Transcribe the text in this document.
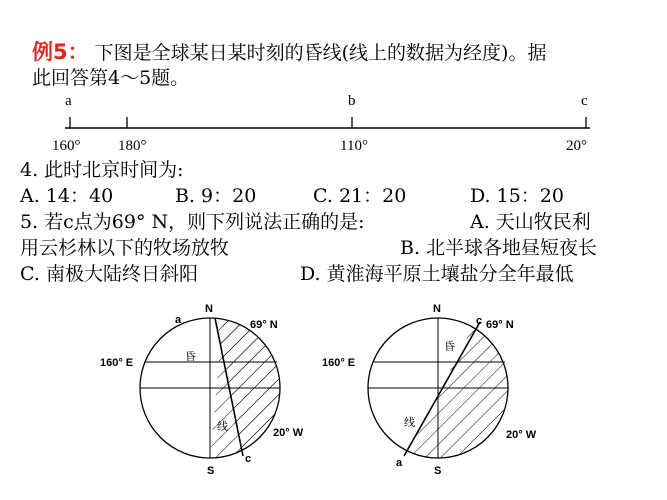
例5： 下图是全球某日某时刻的昏线(线上的数据为经度)。据
此回答第4～5题。
a	b	c
160°	180°	110°	20°
4. 此时北京时间为:
A. 14：40	B. 9：20	C. 21：20	D. 15：20
5. 若c点为69° N，则下列说法正确的是:	A. 天山牧民利
用云杉林以下的牧场放牧	B. 北半球各地昼短夜长
C. 南极大陆终日斜阳	D. 黄淮海平原土壤盐分全年最低
N
S
a
c
69° N
160° E
20° W
昏
线
N
S
c
a
69° N
160° E
20° W
昏
线
